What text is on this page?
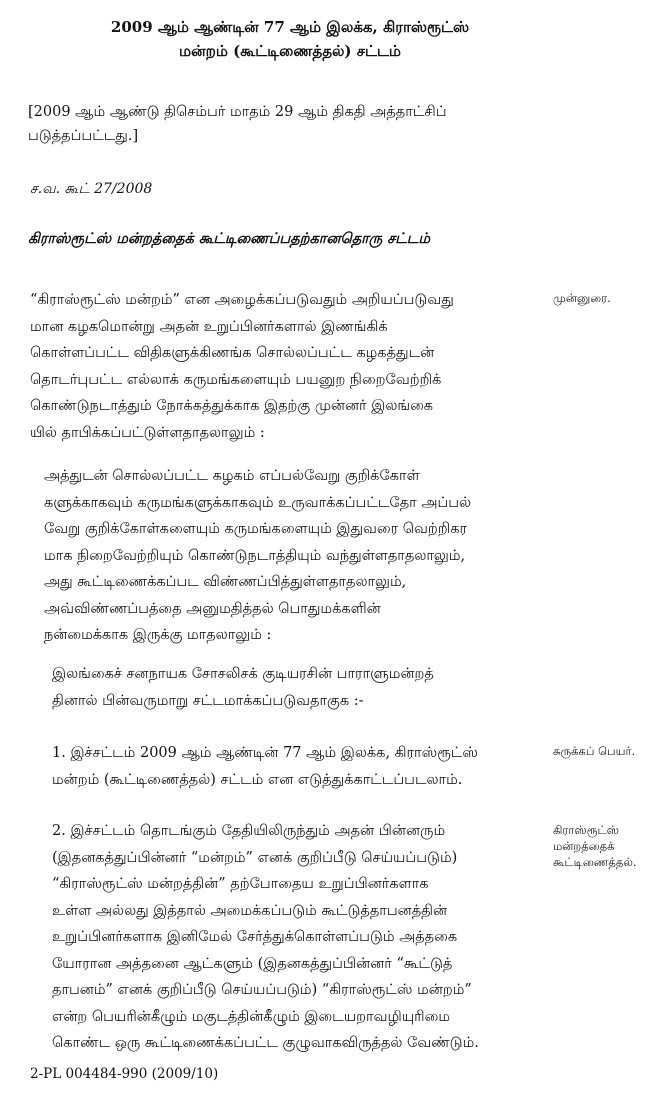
2009 ஆம் ஆண்டின் 77 ஆம் இலக்க, கிராஸ்ரூட்ஸ்
மன்றம் (கூட்டிணைத்தல்) சட்டம்
[2009 ஆம் ஆண்டு திசெம்பர் மாதம் 29 ஆம் திகதி அத்தாட்சிப்
படுத்தப்பட்டது.]
ச.வ. கூட் 27/2008
கிராஸ்ரூட்ஸ் மன்றத்தைக் கூட்டிணைப்பதற்கானதொரு சட்டம்
“கிராஸ்ரூட்ஸ் மன்றம்” என அழைக்கப்படுவதும் அறியப்படுவது
மான கழகமொன்று அதன் உறுப்பினர்களால் இணங்கிக்
கொள்ளப்பட்ட விதிகளுக்கிணங்க சொல்லப்பட்ட கழகத்துடன்
தொடர்புபட்ட எல்லாக் கருமங்களையும் பயனுற நிறைவேற்றிக்
கொண்டுநடாத்தும் நோக்கத்துக்காக இதற்கு முன்னர் இலங்கை
யில் தாபிக்கப்பட்டுள்ளதாதலாலும் :
முன்னுரை.
அத்துடன் சொல்லப்பட்ட கழகம் எப்பல்வேறு குறிக்கோள்
களுக்காகவும் கருமங்களுக்காகவும் உருவாக்கப்பட்டதோ அப்பல்
வேறு குறிக்கோள்களையும் கருமங்களையும் இதுவரை வெற்றிகர
மாக நிறைவேற்றியும் கொண்டுநடாத்தியும் வந்துள்ளதாதலாலும்,
அது கூட்டிணைக்கப்பட விண்ணப்பித்துள்ளதாதலாலும்,
அவ்விண்ணப்பத்தை அனுமதித்தல் பொதுமக்களின்
நன்மைக்காக இருக்கு மாதலாலும் :
இலங்கைச் சனநாயக சோசலிசக் குடியரசின் பாராளுமன்றத்
தினால் பின்வருமாறு சட்டமாக்கப்படுவதாகுக :-
1. இச்சட்டம் 2009 ஆம் ஆண்டின் 77 ஆம் இலக்க, கிராஸ்ரூட்ஸ்
மன்றம் (கூட்டிணைத்தல்) சட்டம் என எடுத்துக்காட்டப்படலாம்.
சுருக்கப் பெயர்.
2. இச்சட்டம் தொடங்கும் தேதியிலிருந்தும் அதன் பின்னரும்
(இதனகத்துப்பின்னர் “மன்றம்” எனக் குறிப்பீடு செய்யப்படும்)
“கிராஸ்ரூட்ஸ் மன்றத்தின்” தற்போதைய உறுப்பினர்களாக
உள்ள அல்லது இத்தால் அமைக்கப்படும் கூட்டுத்தாபனத்தின்
உறுப்பினர்களாக இனிமேல் சேர்த்துக்கொள்ளப்படும் அத்தகை
யோரான அத்தனை ஆட்களும் (இதனகத்துப்பின்னர் “கூட்டுத்
தாபனம்” எனக் குறிப்பீடு செய்யப்படும்) “கிராஸ்ரூட்ஸ் மன்றம்”
என்ற பெயரின்கீழும் மகுடத்தின்கீழும் இடையறாவழியுரிமை
கொண்ட ஒரு கூட்டிணைக்கப்பட்ட குழுவாகவிருத்தல் வேண்டும்.
கிராஸ்ரூட்ஸ்
மன்றத்தைக்
கூட்டிணைத்தல்.
2-PL 004484-990 (2009/10)
